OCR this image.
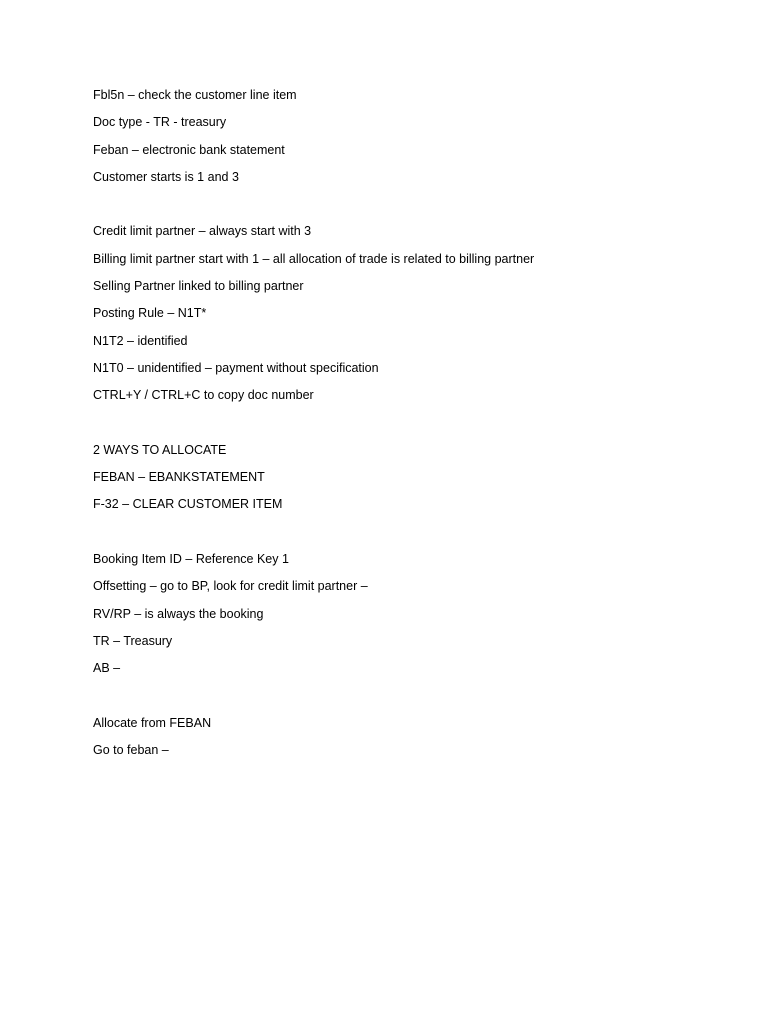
Fbl5n – check the customer line item
Doc type - TR - treasury
Feban – electronic bank statement
Customer starts is 1 and 3
Credit limit partner – always start with 3
Billing limit partner start with 1 – all allocation of trade is related to billing partner
Selling Partner linked to billing partner
Posting Rule – N1T*
N1T2 – identified
N1T0 – unidentified – payment without specification
CTRL+Y / CTRL+C to copy doc number
2 WAYS TO ALLOCATE
FEBAN – EBANKSTATEMENT
F-32 – CLEAR CUSTOMER ITEM
Booking Item ID – Reference Key 1
Offsetting – go to BP, look for credit limit partner –
RV/RP – is always the booking
TR – Treasury
AB –
Allocate from FEBAN
Go to feban –
